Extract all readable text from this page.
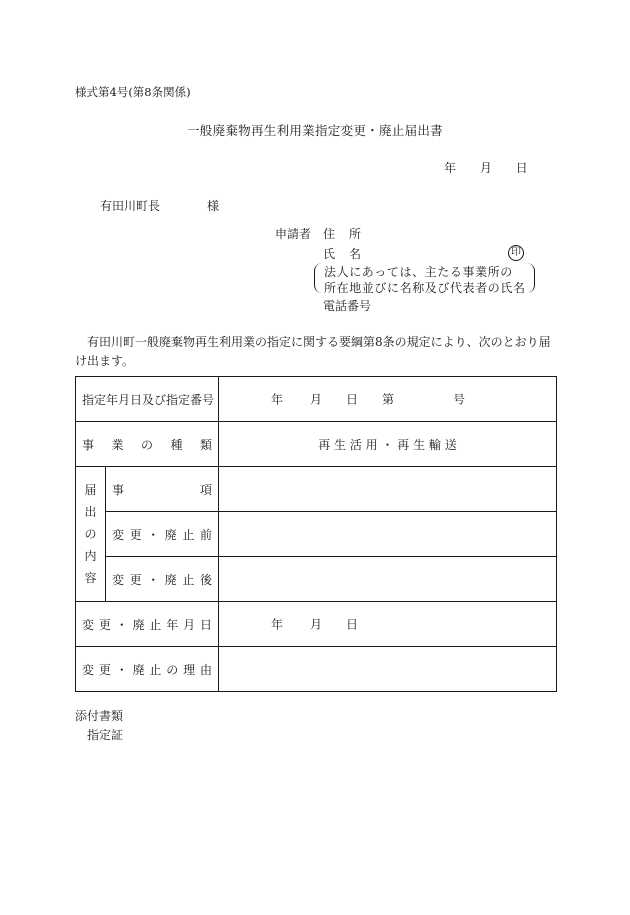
様式第4号(第8条関係)
一般廃棄物再生利用業指定変更・廃止届出書
年 月 日
有田川町長	様
申請者 住所
氏名	印
法人にあっては、主たる事業所の
所在地並びに名称及び代表者の氏名
電話番号
有田川町一般廃棄物再生利用業の指定に関する要綱第8条の規定により、次のとおり届け出ます。
指定年月日及び指定番号		年 月 日 第 号

事業の種類		再 生 活 用 ・ 再 生 輸 送

届
出
の
内
容	事項	
	変更・廃止前	
	変更・廃止後	
変更・廃止年月日		年 月 日

変更・廃止の理由		
添付書類
指定証
